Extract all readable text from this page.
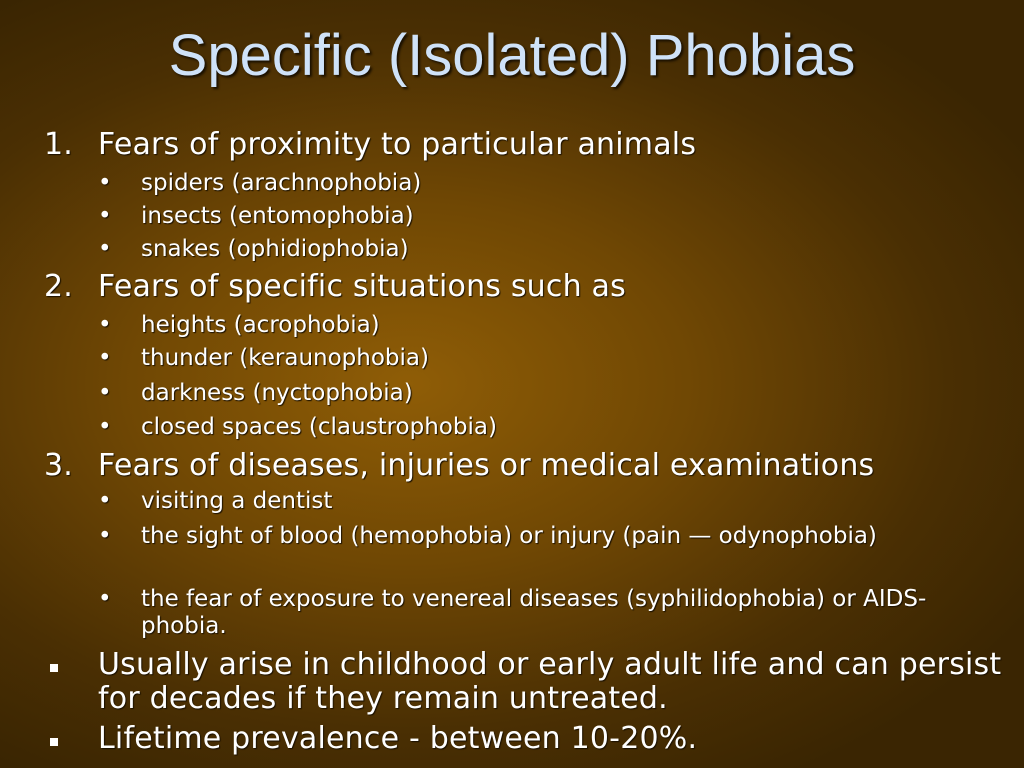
Specific (Isolated) Phobias
1. Fears of proximity to particular animals
• spiders (arachnophobia)
• insects (entomophobia)
• snakes (ophidiophobia)
2. Fears of specific situations such as
• heights (acrophobia)
• thunder (keraunophobia)
• darkness (nyctophobia)
• closed spaces (claustrophobia)
3. Fears of diseases, injuries or medical examinations
• visiting a dentist
• the sight of blood (hemophobia) or injury (pain — odynophobia)
• the fear of exposure to venereal diseases (syphilidophobia) or AIDS-phobia.
Usually arise in childhood or early adult life and can persist for decades if they remain untreated.
Lifetime prevalence - between 10-20%.
